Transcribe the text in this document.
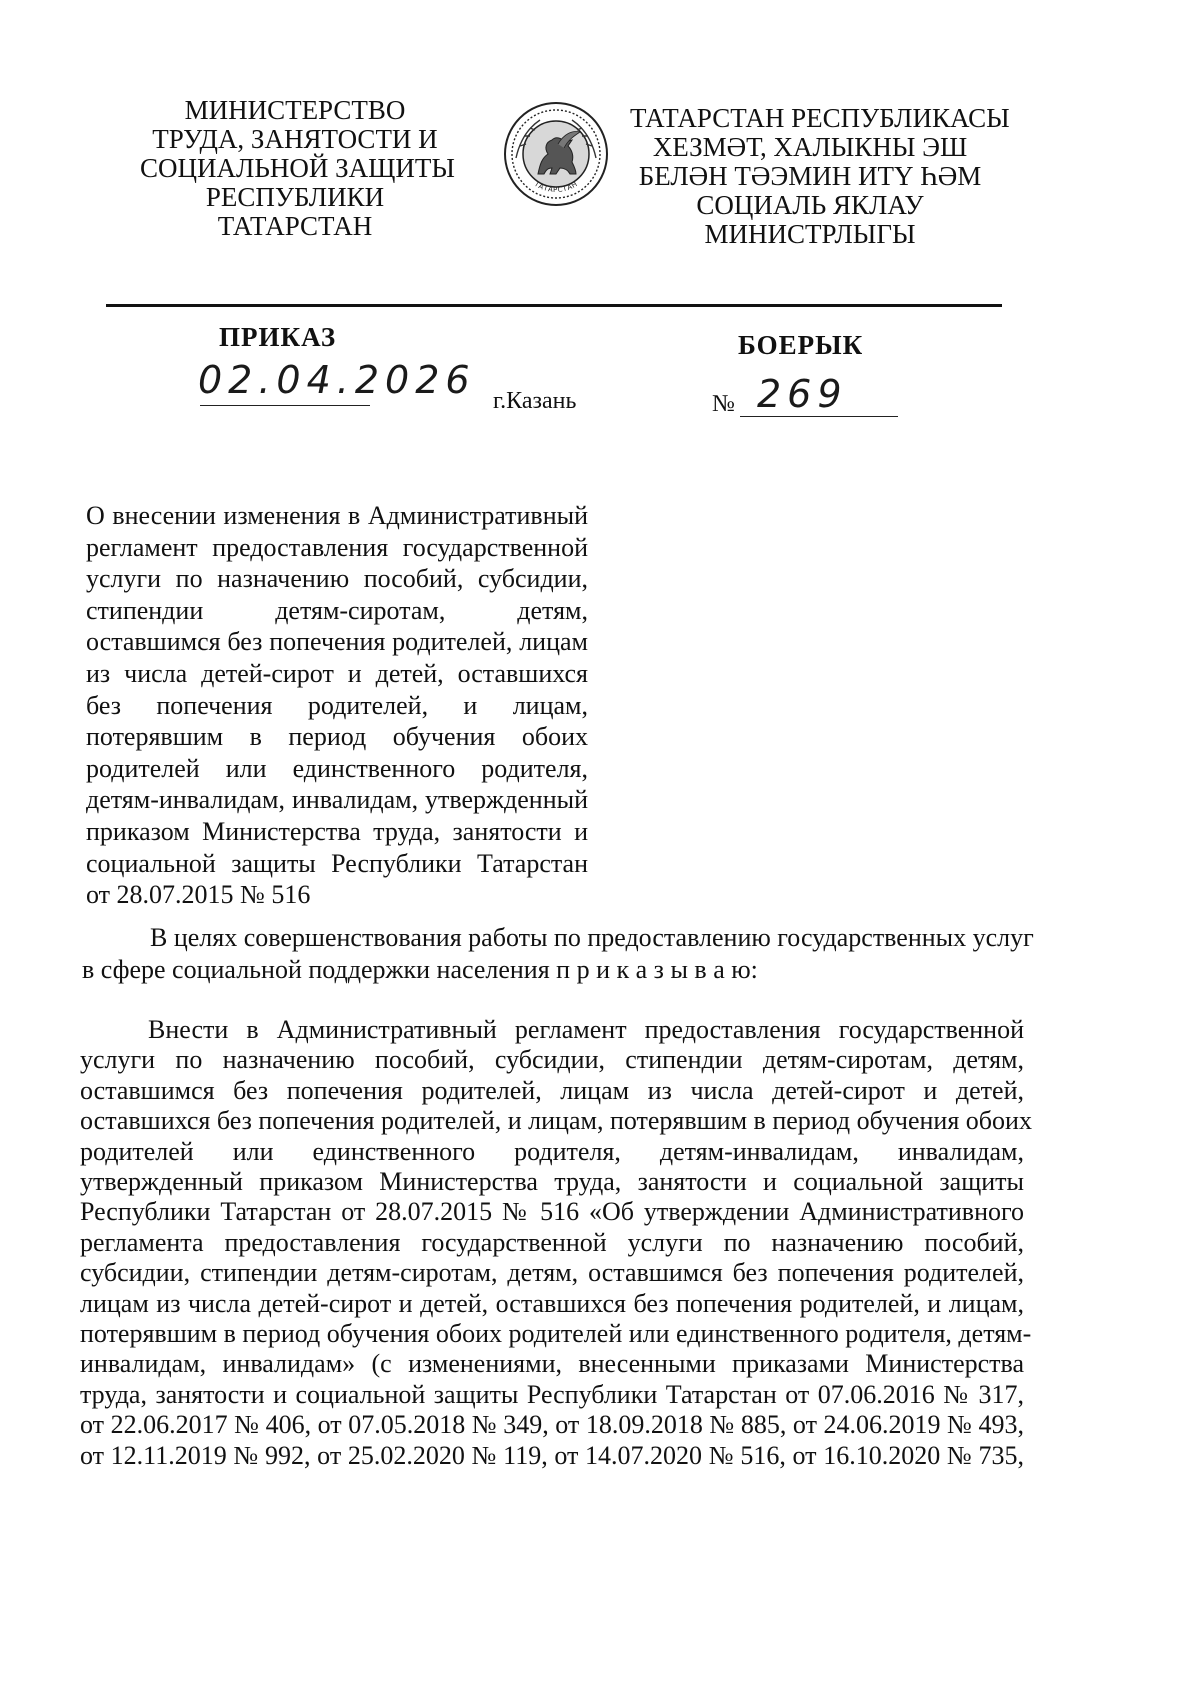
МИНИСТЕРСТВО
ТРУДА, ЗАНЯТОСТИ И
СОЦИАЛЬНОЙ ЗАЩИТЫ
РЕСПУБЛИКИ
ТАТАРСТАН
ТАТАРСТАН
ТАТАРСТАН РЕСПУБЛИКАСЫ
ХЕЗМӘТ, ХАЛЫКНЫ ЭШ
БЕЛӘН ТӘЭМИН ИТҮ ҺӘМ
СОЦИАЛЬ ЯКЛАУ
МИНИСТРЛЫГЫ
ПРИКАЗ	БОЕРЫК
02.04.2026 г.Казань	№ 269
О внесении изменения в Административный
регламент предоставления государственной
услуги по назначению пособий, субсидии,
стипендии детям-сиротам, детям,
оставшимся без попечения родителей, лицам
из числа детей-сирот и детей, оставшихся
без попечения родителей, и лицам,
потерявшим в период обучения обоих
родителей или единственного родителя,
детям-инвалидам, инвалидам, утвержденный
приказом Министерства труда, занятости и
социальной защиты Республики Татарстан
от 28.07.2015 № 516
В целях совершенствования работы по предоставлению государственных услуг
в сфере социальной поддержки населения п р и к а з ы в а ю:
Внести в Административный регламент предоставления государственной
услуги по назначению пособий, субсидии, стипендии детям-сиротам, детям,
оставшимся без попечения родителей, лицам из числа детей-сирот и детей,
оставшихся без попечения родителей, и лицам, потерявшим в период обучения обоих
родителей или единственного родителя, детям-инвалидам, инвалидам,
утвержденный приказом Министерства труда, занятости и социальной защиты
Республики Татарстан от 28.07.2015 № 516 «Об утверждении Административного
регламента предоставления государственной услуги по назначению пособий,
субсидии, стипендии детям-сиротам, детям, оставшимся без попечения родителей,
лицам из числа детей-сирот и детей, оставшихся без попечения родителей, и лицам,
потерявшим в период обучения обоих родителей или единственного родителя, детям-
инвалидам, инвалидам» (с изменениями, внесенными приказами Министерства
труда, занятости и социальной защиты Республики Татарстан от 07.06.2016 № 317,
от 22.06.2017 № 406, от 07.05.2018 № 349, от 18.09.2018 № 885, от 24.06.2019 № 493,
от 12.11.2019 № 992, от 25.02.2020 № 119, от 14.07.2020 № 516, от 16.10.2020 № 735,
